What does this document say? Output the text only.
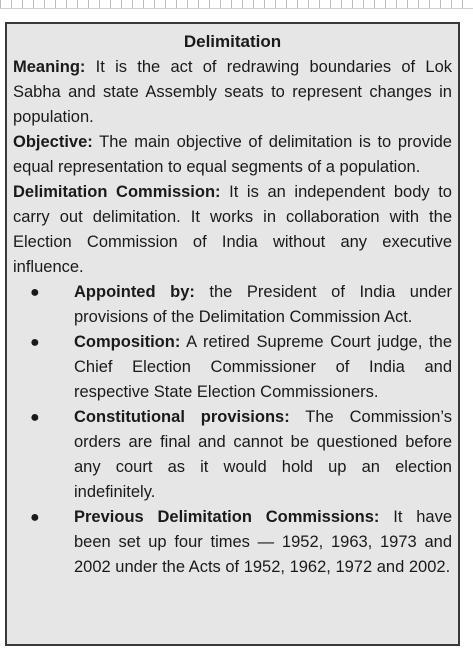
Delimitation

Meaning: It is the act of redrawing boundaries of Lok Sabha and state Assembly seats to represent changes in population.

Objective: The main objective of delimitation is to provide equal representation to equal segments of a population.

Delimitation Commission: It is an independent body to carry out delimitation. It works in collaboration with the Election Commission of India without any executive influence.

● Appointed by: the President of India under provisions of the Delimitation Commission Act.
● Composition: A retired Supreme Court judge, the Chief Election Commissioner of India and respective State Election Commissioners.
● Constitutional provisions: The Commission’s orders are final and cannot be questioned before any court as it would hold up an election indefinitely.
● Previous Delimitation Commissions: It have been set up four times — 1952, 1963, 1973 and 2002 under the Acts of 1952, 1962, 1972 and 2002.
